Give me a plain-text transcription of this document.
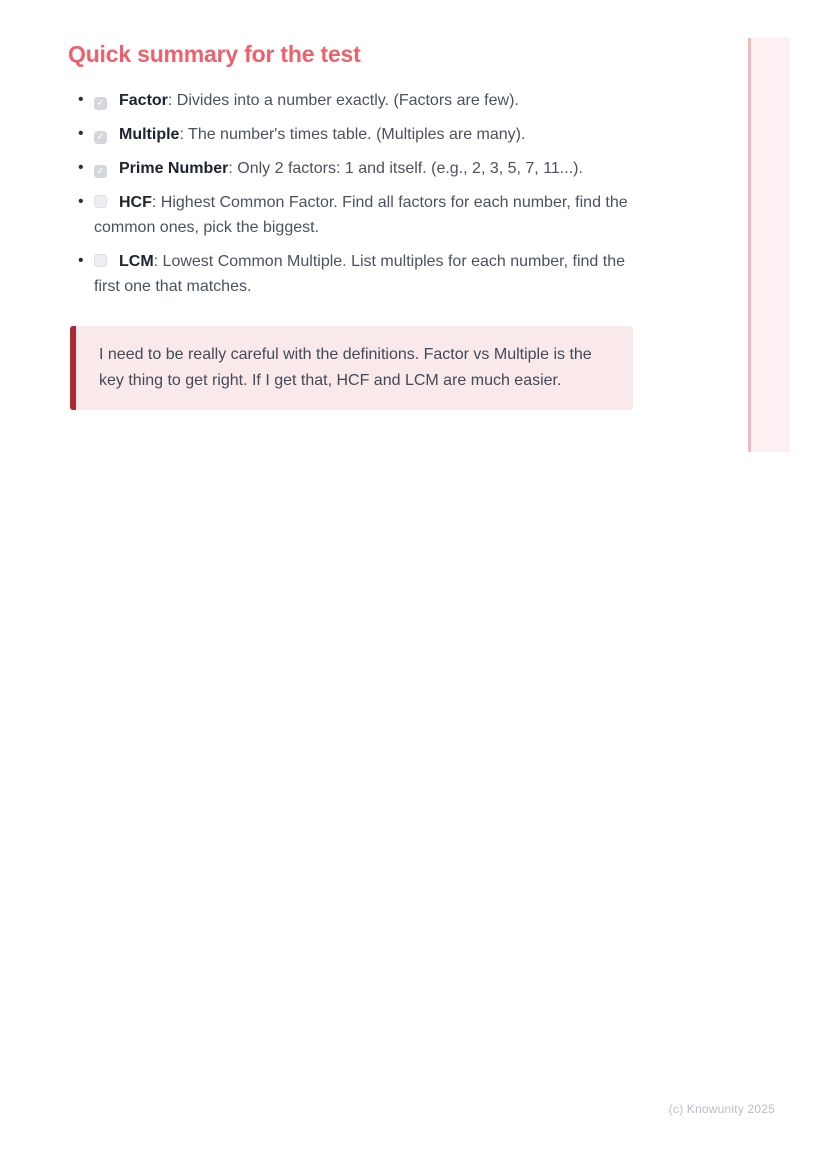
Quick summary for the test
• ✓ Factor: Divides into a number exactly. (Factors are few).
• ✓ Multiple: The number's times table. (Multiples are many).
• ✓ Prime Number: Only 2 factors: 1 and itself. (e.g., 2, 3, 5, 7, 11...).
• HCF: Highest Common Factor. Find all factors for each number, find the common ones, pick the biggest.
• LCM: Lowest Common Multiple. List multiples for each number, find the first one that matches.
I need to be really careful with the definitions. Factor vs Multiple is the key thing to get right. If I get that, HCF and LCM are much easier.
(c) Knowunity 2025
